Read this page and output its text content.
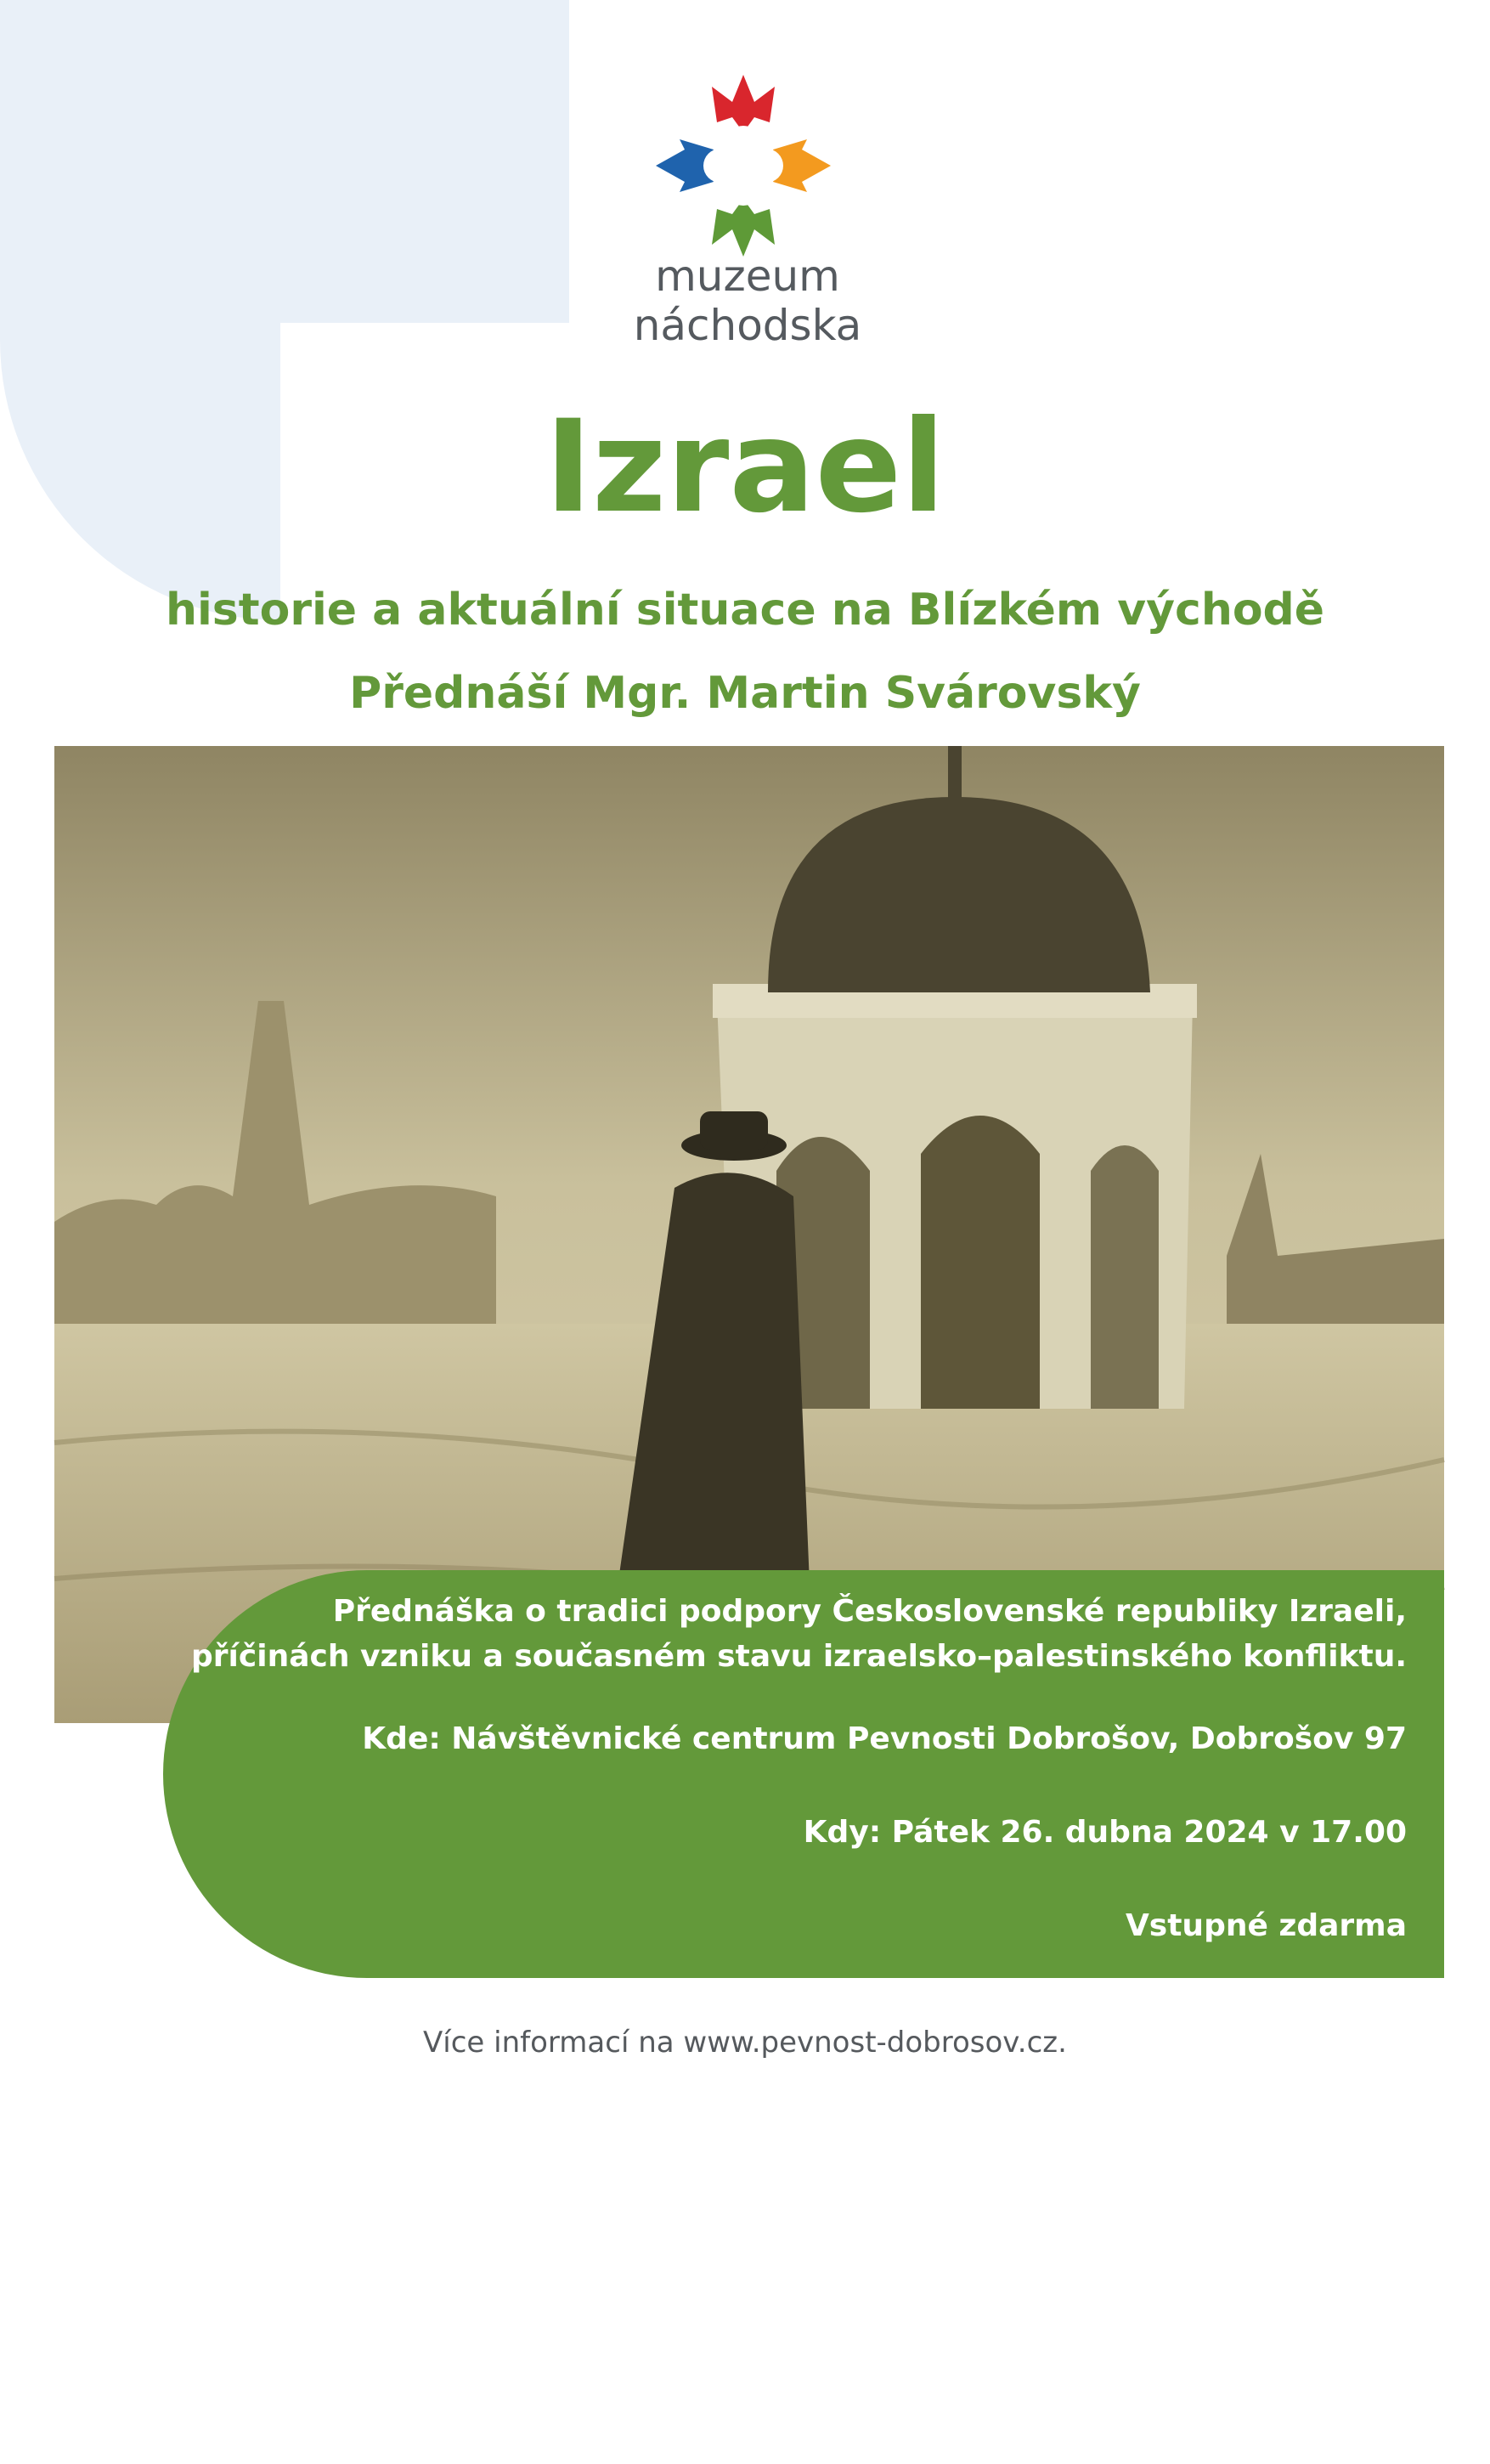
muzeum
náchodska
Izrael
historie a aktuální situace na Blízkém východě
Přednáší Mgr. Martin Svárovský
Foto MÚA, AÚTGM
Přednáška o tradici podpory Československé republiky Izraeli,
příčinách vzniku a současném stavu izraelsko–palestinského konfliktu.
Kde: Návštěvnické centrum Pevnosti Dobrošov, Dobrošov 97
Kdy: Pátek 26. dubna 2024 v 17.00
Vstupné zdarma
Více informací na www.pevnost-dobrosov.cz.
